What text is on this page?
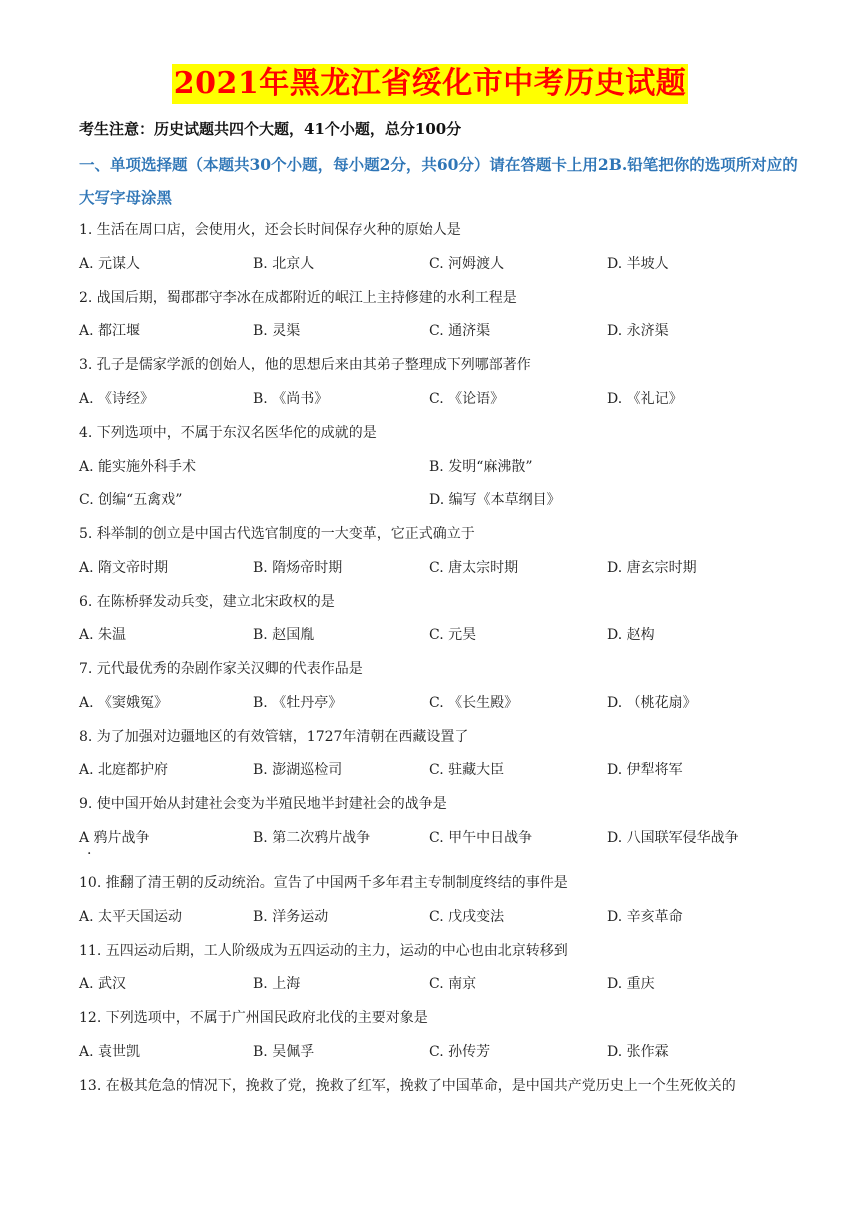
2021年黑龙江省绥化市中考历史试题
考生注意：历史试题共四个大题，41个小题，总分100分
一、单项选择题（本题共30个小题，每小题2分，共60分）请在答题卡上用2B.铅笔把你的选项所对应的大写字母涂黑
1. 生活在周口店，会使用火，还会长时间保存火种的原始人是
A. 元谋人	B. 北京人	C. 河姆渡人	D. 半坡人
2. 战国后期，蜀郡郡守李冰在成都附近的岷江上主持修建的水利工程是
A. 都江堰	B. 灵渠	C. 通济渠	D. 永济渠
3. 孔子是儒家学派的创始人，他的思想后来由其弟子整理成下列哪部著作
A. 《诗经》	B. 《尚书》	C. 《论语》	D. 《礼记》
4. 下列选项中，不属于东汉名医华佗的成就的是
A. 能实施外科手术	B. 发明“麻沸散”
C. 创编“五禽戏”	D. 编写《本草纲目》
5. 科举制的创立是中国古代选官制度的一大变革，它正式确立于
A. 隋文帝时期	B. 隋炀帝时期	C. 唐太宗时期	D. 唐玄宗时期
6. 在陈桥驿发动兵变，建立北宋政权的是
A. 朱温	B. 赵国胤	C. 元昊	D. 赵构
7. 元代最优秀的杂剧作家关汉卿的代表作品是
A. 《窦娥冤》	B. 《牡丹亭》	C. 《长生殿》	D. （桃花扇》
8. 为了加强对边疆地区的有效管辖，1727年清朝在西藏设置了
A. 北庭都护府	B. 澎湖巡检司	C. 驻藏大臣	D. 伊犁将军
9. 使中国开始从封建社会变为半殖民地半封建社会的战争是
A 鸦片战争	B. 第二次鸦片战争	C. 甲午中日战争	D. 八国联军侵华战争
·
10. 推翻了清王朝的反动统治。宣告了中国两千多年君主专制制度终结的事件是
A. 太平天国运动	B. 洋务运动	C. 戊戌变法	D. 辛亥革命
11. 五四运动后期，工人阶级成为五四运动的主力，运动的中心也由北京转移到
A. 武汉	B. 上海	C. 南京	D. 重庆
12. 下列选项中，不属于广州国民政府北伐的主要对象是
A. 袁世凯	B. 吴佩孚	C. 孙传芳	D. 张作霖
13. 在极其危急的情况下，挽救了党，挽救了红军，挽救了中国革命，是中国共产党历史上一个生死攸关的
